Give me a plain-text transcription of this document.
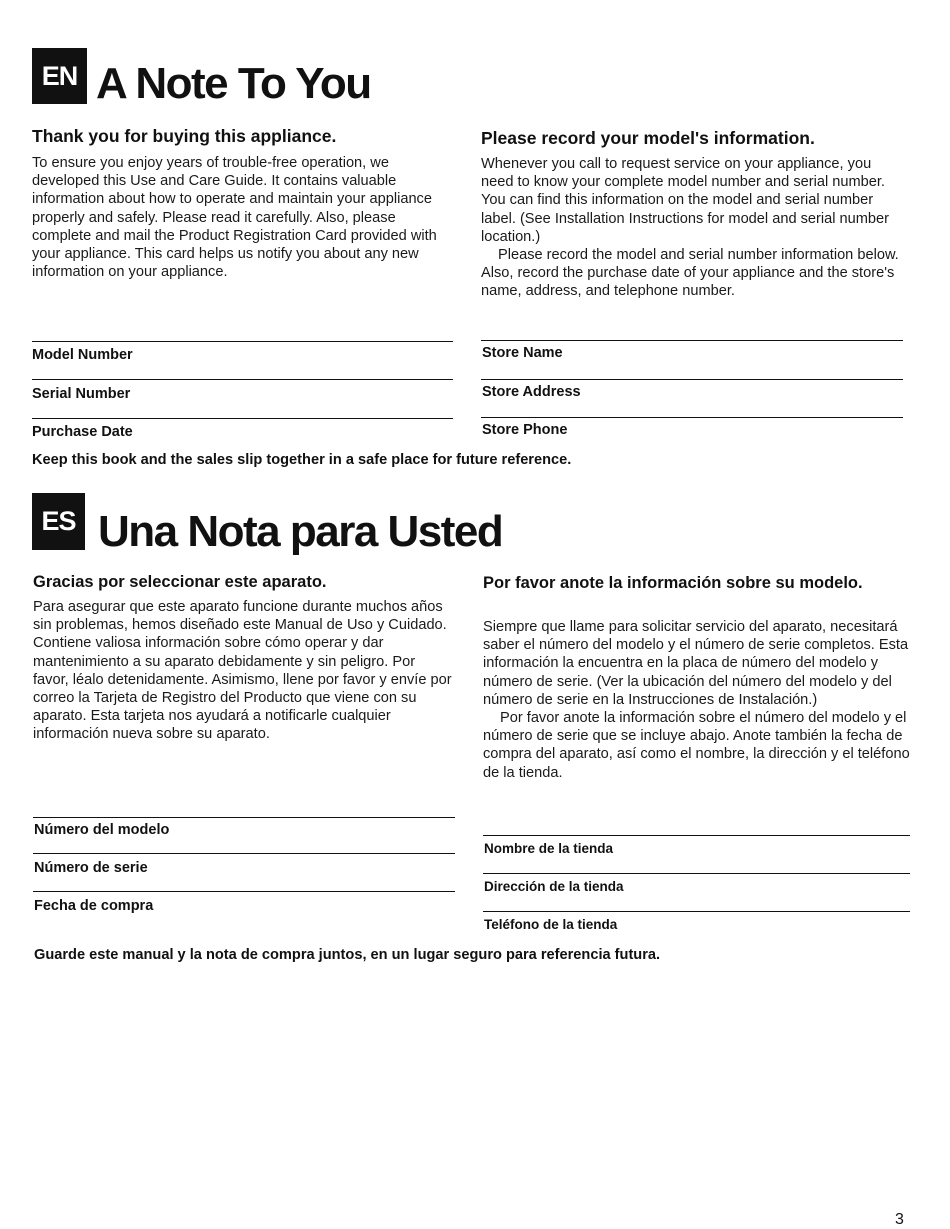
EN A Note To You
Thank you for buying this appliance.

To ensure you enjoy years of trouble-free operation, we developed this Use and Care Guide. It contains valuable information about how to operate and maintain your appliance properly and safely. Please read it carefully. Also, please complete and mail the Product Registration Card provided with your appliance. This card helps us notify you about any new information on your appliance.

Please record your model's information.

Whenever you call to request service on your appliance, you need to know your complete model number and serial number. You can find this information on the model and serial number label. (See Installation Instructions for model and serial number location.)

Please record the model and serial number information below. Also, record the purchase date of your appliance and the store's name, address, and telephone number.

Model Number
Serial Number
Purchase Date
Store Name
Store Address
Store Phone
Keep this book and the sales slip together in a safe place for future reference.
ES Una Nota para Usted
Gracias por seleccionar este aparato.

Para asegurar que este aparato funcione durante muchos años sin problemas, hemos diseñado este Manual de Uso y Cuidado. Contiene valiosa información sobre cómo operar y dar mantenimiento a su aparato debidamente y sin peligro. Por favor, léalo detenidamente. Asimismo, llene por favor y envíe por correo la Tarjeta de Registro del Producto que viene con su aparato. Esta tarjeta nos ayudará a notificarle cualquier información nueva sobre su aparato.

Por favor anote la información sobre su modelo.

Siempre que llame para solicitar servicio del aparato, necesitará saber el número del modelo y el número de serie completos. Esta información la encuentra en la placa de número del modelo y número de serie. (Ver la ubicación del número del modelo y del número de serie en la Instrucciones de Instalación.)

Por favor anote la información sobre el número del modelo y el número de serie que se incluye abajo. Anote también la fecha de compra del aparato, así como el nombre, la dirección y el teléfono de la tienda.

Número del modelo
Número de serie
Fecha de compra
Nombre de la tienda
Dirección de la tienda
Teléfono de la tienda
Guarde este manual y la nota de compra juntos, en un lugar seguro para referencia futura.
3
